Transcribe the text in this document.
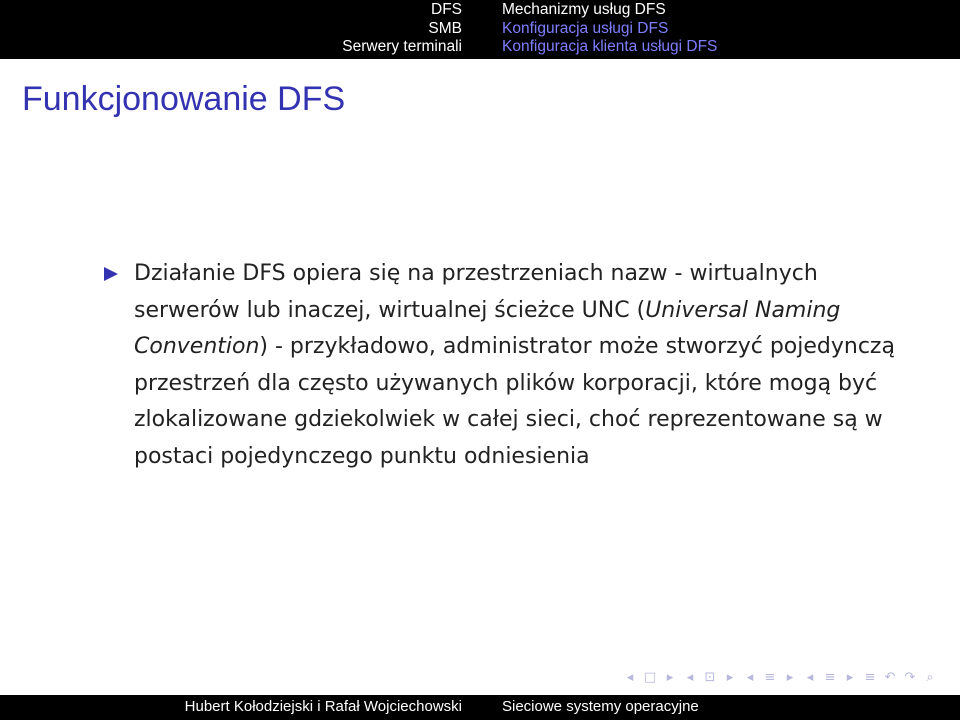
DFS
SMB
Serwery terminali
Mechanizmy usług DFS
Konfiguracja usługi DFS
Konfiguracja klienta usługi DFS
Funkcjonowanie DFS
Działanie DFS opiera się na przestrzeniach nazw - wirtualnych serwerów lub inaczej, wirtualnej ścieżce UNC (Universal Naming Convention) - przykładowo, administrator może stworzyć pojedynczą przestrzeń dla często używanych plików korporacji, które mogą być zlokalizowane gdziekolwiek w całej sieci, choć reprezentowane są w postaci pojedynczego punktu odniesienia
◂ □ ▸	◂ ⊡ ▸	◂ ≡ ▸	◂ ≡ ▸ ≡ ↶ ↷ ⌕
Hubert Kołodziejski i Rafał Wojciechowski	Sieciowe systemy operacyjne
